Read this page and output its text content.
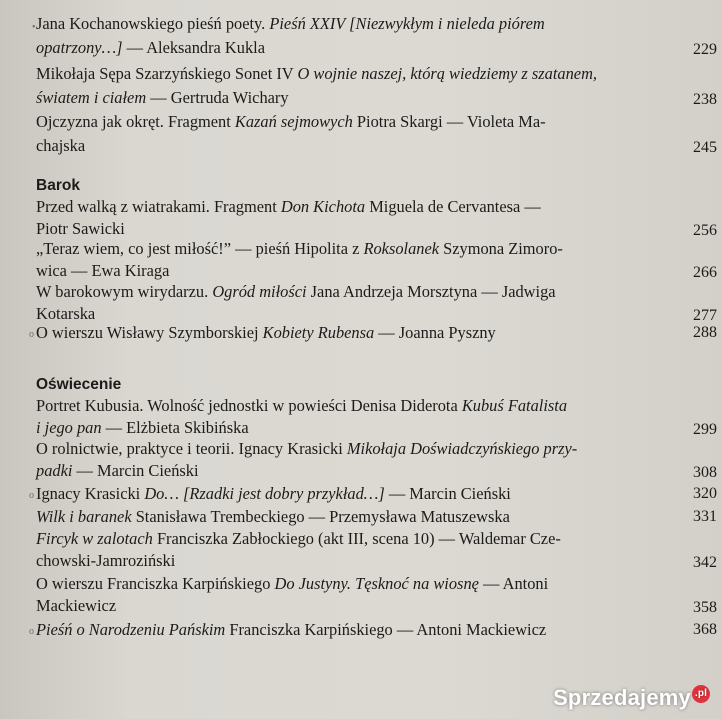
• Jana Kochanowskiego pieśń poety. Pieśń XXIV [Niezwykłym i nieleda piórem
opatrzony…] — Aleksandra Kukla	229
Mikołaja Sępa Szarzyńskiego Sonet IV O wojnie naszej, którą wiedziemy z szatanem,
światem i ciałem — Gertruda Wichary	238
Ojczyzna jak okręt. Fragment Kazań sejmowych Piotra Skargi — Violeta Ma-
chajska	245
Barok
Przed walką z wiatrakami. Fragment Don Kichota Miguela de Cervantesa —
Piotr Sawicki	256
„Teraz wiem, co jest miłość!” — pieśń Hipolita z Roksolanek Szymona Zimoro-
wica — Ewa Kiraga	266
W barokowym wirydarzu. Ogród miłości Jana Andrzeja Morsztyna — Jadwiga
Kotarska	277
O wierszu Wisławy Szymborskiej Kobiety Rubensa — Joanna Pyszny	288
o
Oświecenie
Portret Kubusia. Wolność jednostki w powieści Denisa Diderota Kubuś Fatalista
i jego pan — Elżbieta Skibińska	299
O rolnictwie, praktyce i teorii. Ignacy Krasicki Mikołaja Doświadczyńskiego przy-
padki — Marcin Cieński	308
Ignacy Krasicki Do… [Rzadki jest dobry przykład…] — Marcin Cieński	320
Wilk i baranek Stanisława Trembeckiego — Przemysława Matuszewska	331
Fircyk w zalotach Franciszka Zabłockiego (akt III, scena 10) — Waldemar Cze-
chowski-Jamroziński	342
O wierszu Franciszka Karpińskiego Do Justyny. Tęsknoć na wiosnę — Antoni
Mackiewicz	358
Pieśń o Narodzeniu Pańskim Franciszka Karpińskiego — Antoni Mackiewicz	368
o
o
Sprzedajemy .pl
